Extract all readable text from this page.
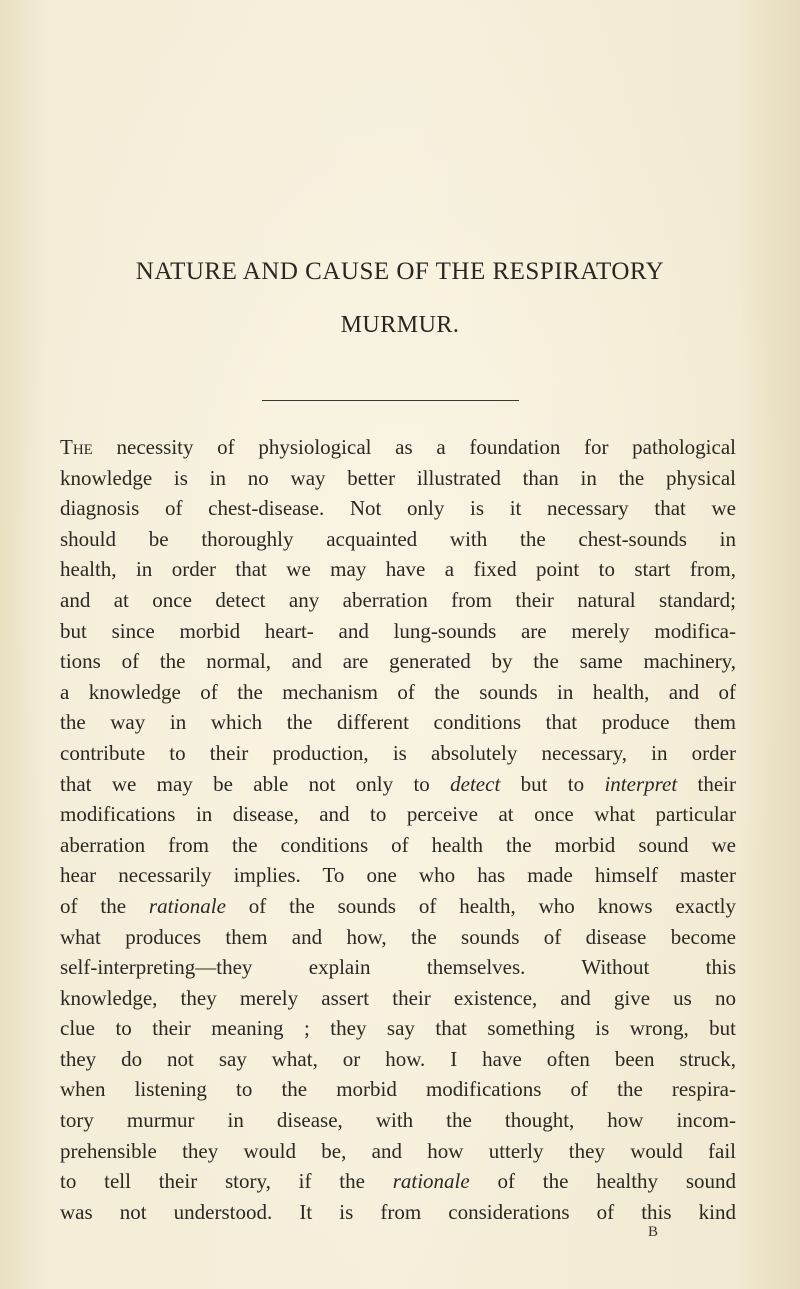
NATURE AND CAUSE OF THE RESPIRATORY
MURMUR.
The necessity of physiological as a foundation for pathological
knowledge is in no way better illustrated than in the physical
diagnosis of chest-disease. Not only is it necessary that we
should be thoroughly acquainted with the chest-sounds in
health, in order that we may have a fixed point to start from,
and at once detect any aberration from their natural standard;
but since morbid heart- and lung-sounds are merely modifica-
tions of the normal, and are generated by the same machinery,
a knowledge of the mechanism of the sounds in health, and of
the way in which the different conditions that produce them
contribute to their production, is absolutely necessary, in order
that we may be able not only to detect but to interpret their
modifications in disease, and to perceive at once what particular
aberration from the conditions of health the morbid sound we
hear necessarily implies. To one who has made himself master
of the rationale of the sounds of health, who knows exactly
what produces them and how, the sounds of disease become
self-interpreting—they explain themselves. Without this
knowledge, they merely assert their existence, and give us no
clue to their meaning ; they say that something is wrong, but
they do not say what, or how. I have often been struck,
when listening to the morbid modifications of the respira-
tory murmur in disease, with the thought, how incom-
prehensible they would be, and how utterly they would fail
to tell their story, if the rationale of the healthy sound
was not understood. It is from considerations of this kind
B
